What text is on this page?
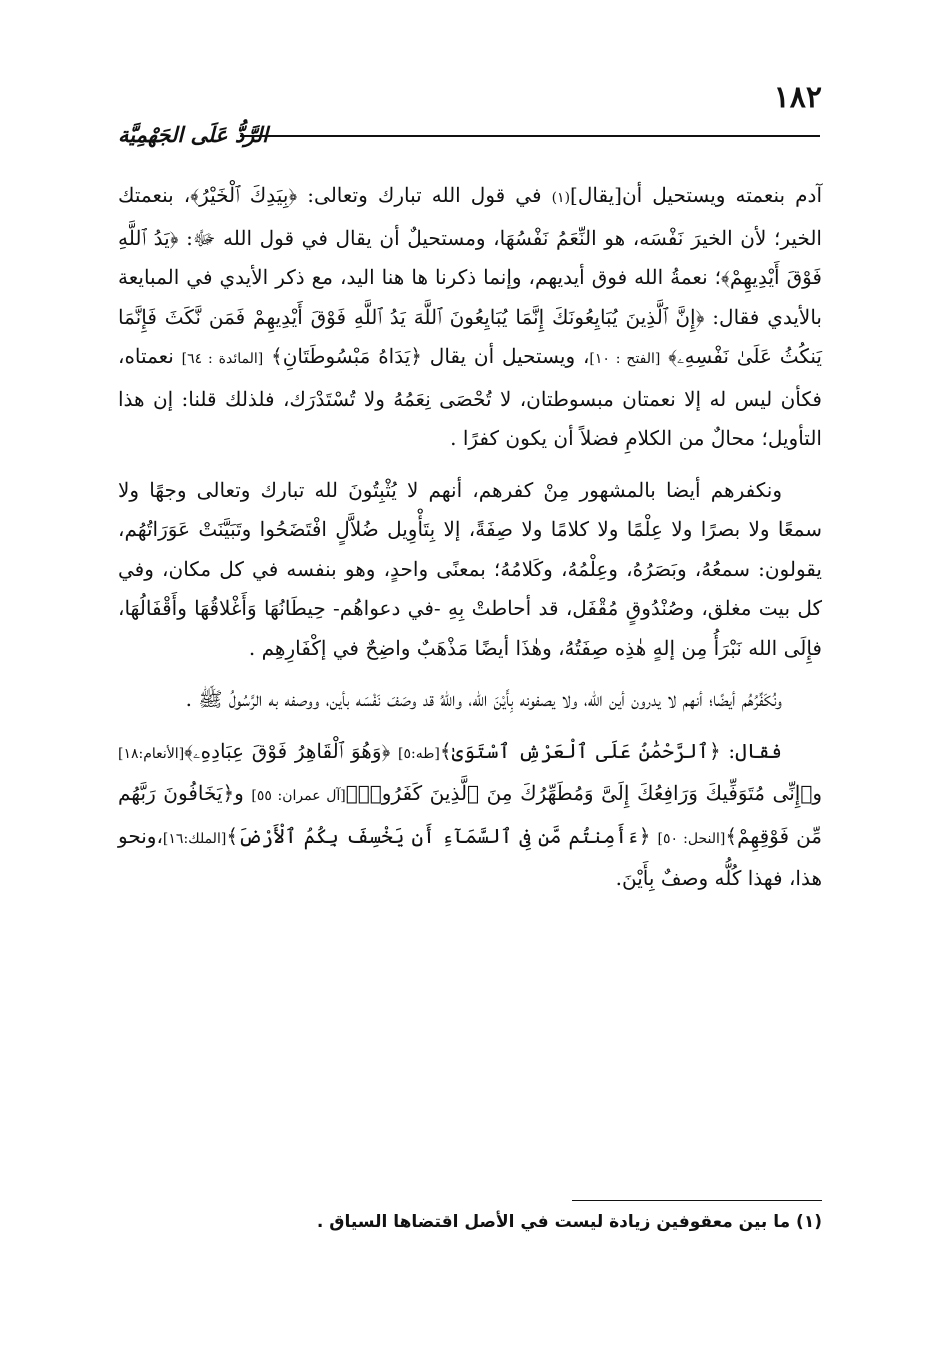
١٨٢
الرَّدُّ عَلَى الجَهْمِيَّة

آدم بنعمته ويستحيل أن[يقال](١) في قول الله تبارك وتعالى: ﴿بِيَدِكَ ٱلْخَيْرُ﴾، بنعمتك الخير؛ لأن الخيرَ نَفْسَه، هو النِّعَمُ نَفْسُهَا، ومستحيلٌ أن يقال في قول الله ﷻ: ﴿يَدُ ٱللَّهِ فَوْقَ أَيْدِيهِمْ﴾؛ نعمةُ الله فوق أيديهم، وإنما ذكرنا ها هنا اليد، مع ذكر الأيدي في المبايعة بالأيدي فقال: ﴿إِنَّ ٱلَّذِينَ يُبَايِعُونَكَ إِنَّمَا يُبَايِعُونَ ٱللَّهَ يَدُ ٱللَّهِ فَوْقَ أَيْدِيهِمْ فَمَن نَّكَثَ فَإِنَّمَا يَنكُثُ عَلَىٰ نَفْسِهِۦ﴾ [الفتح : ١٠]، ويستحيل أن يقال ﴿يَدَاهُ مَبْسُوطَتَانِ﴾ [المائدة : ٦٤] نعمتاه، فكأن ليس له إلا نعمتان مبسوطتان، لا تُحْصَى نِعَمُهُ ولا تُسْتَدْرَك، فلذلك قلنا: إن هذا التأويل؛ محالٌ من الكلامِ فضلاً أن يكون كفرًا .

ونكفرهم أيضا بالمشهور مِنْ كفرهم، أنهم لا يُثْبِتُونَ لله تبارك وتعالى وجهًا ولا سمعًا ولا بصرًا ولا عِلْمًا ولا كلامًا ولا صِفَةً، إلا بِتَأْوِيل ضُلاَّلٍ افْتَضَحُوا وتَبَيَّنَتْ عَوَرَاتُهُم، يقولون: سمعُهُ، وبَصَرُهُ، وعِلْمُهُ، وكَلامُهُ؛ بمعنًى واحدٍ، وهو بنفسه في كل مكان، وفي كل بيت مغلق، وصُنْدُوقٍ مُقْفَل، قد أحاطتْ بِهِ -في دعواهُم- حِيطَانُهَا وَأَغْلاقُهَا وأَقْفَالُهَا، فإِلَى الله نَبْرَأُ مِن إلهٍ هٰذِه صِفَتُهُ، وهٰذَا أيضًا مَذْهَبٌ واضِحٌ في إكْفَارِهِم .

ونُكَفِّرُهُم أيضًا؛ أنهم لا يدرون أين الله، ولا يصفونه بِأَيْنَ الله، واللهُ قد وصَفَ نَفْسَه بأين، ووصفه به الرَّسُولُ ﷺ .

فقال: ﴿ٱلرَّحْمَٰنُ عَلَى ٱلْعَرْشِ ٱسْتَوَىٰ﴾[طه:٥] ﴿وَهُوَ ٱلْقَاهِرُ فَوْقَ عِبَادِهِۦ﴾[الأنعام:١٨] و﴿إِنِّى مُتَوَفِّيكَ وَرَافِعُكَ إِلَىَّ وَمُطَهِّرُكَ مِنَ ٱلَّذِينَ كَفَرُوا۟﴾[آل عمران: ٥٥] و﴿يَخَافُونَ رَبَّهُم مِّن فَوْقِهِمْ﴾[النحل: ٥٠] ﴿ءَأَمِنتُم مَّن فِى ٱلسَّمَآءِ أَن يَخْسِفَ بِكُمُ ٱلْأَرْضَ﴾[الملك:١٦]،ونحو هذا، فهذا كُلُّه وصفٌ بِأَيْنَ.

(١) ما بين معقوفين زيادة ليست في الأصل اقتضاها السياق .
